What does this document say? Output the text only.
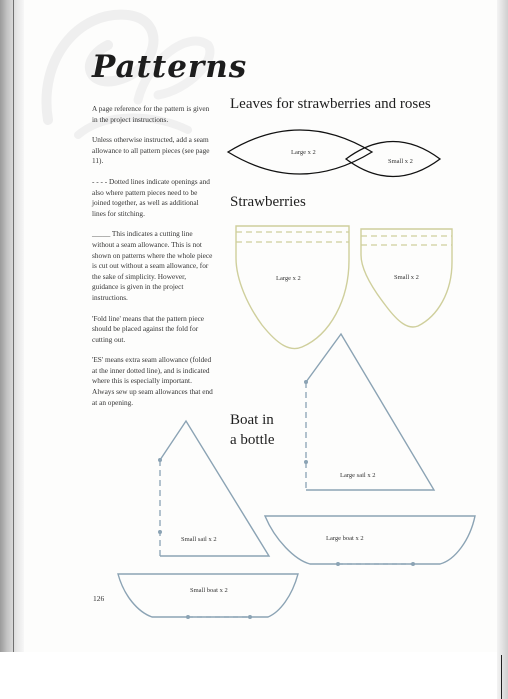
Patterns

A page reference for the pattern is given in the project instructions.

Unless otherwise instructed, add a seam allowance to all pattern pieces (see page 11).

- - - - Dotted lines indicate openings and also where pattern pieces need to be joined together, as well as additional lines for stitching.

_____ This indicates a cutting line without a seam allowance. This is not shown on patterns where the whole piece is cut out without a seam allowance, for the sake of simplicity. However, guidance is given in the project instructions.

'Fold line' means that the pattern piece should be placed against the fold for cutting out.

'ES' means extra seam allowance (folded at the inner dotted line), and is indicated where this is especially important. Always sew up seam allowances that end at an opening.

Leaves for strawberries and roses
Strawberries
Boat in
a bottle
Large x 2
Small x 2
Large x 2	Small x 2
Large sail x 2
Small sail x 2	Large boat x 2
Small boat x 2

126
